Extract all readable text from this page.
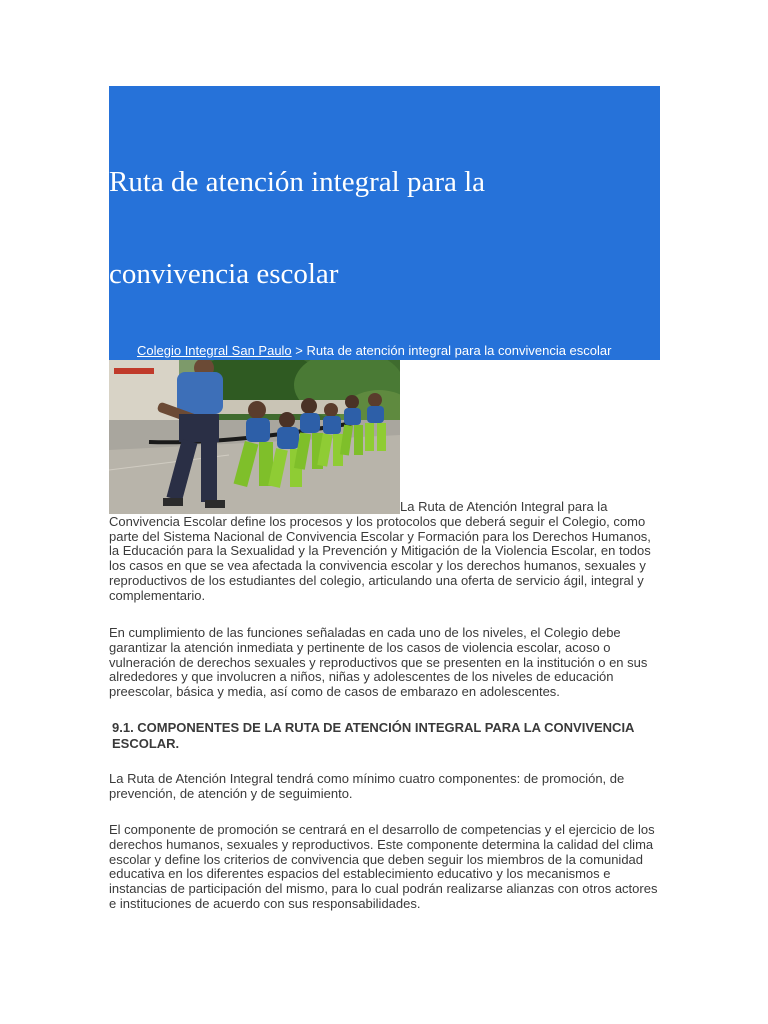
Ruta de atención integral para la
convivencia escolar
Colegio Integral San Paulo > Ruta de atención integral para la convivencia escolar

La Ruta de Atención Integral para la
Convivencia Escolar define los procesos y los protocolos que deberá seguir el Colegio, como parte del Sistema Nacional de Convivencia Escolar y Formación para los Derechos Humanos, la Educación para la Sexualidad y la Prevención y Mitigación de la Violencia Escolar, en todos los casos en que se vea afectada la convivencia escolar y los derechos humanos, sexuales y reproductivos de los estudiantes del colegio, articulando una oferta de servicio ágil, integral y complementario.

En cumplimiento de las funciones señaladas en cada uno de los niveles, el Colegio debe garantizar la atención inmediata y pertinente de los casos de violencia escolar, acoso o vulneración de derechos sexuales y reproductivos que se presenten en la institución o en sus alrededores y que involucren a niños, niñas y adolescentes de los niveles de educación preescolar, básica y media, así como de casos de embarazo en adolescentes.

9.1. COMPONENTES DE LA RUTA DE ATENCIÓN INTEGRAL PARA LA CONVIVENCIA ESCOLAR.

La Ruta de Atención Integral tendrá como mínimo cuatro componentes: de promoción, de prevención, de atención y de seguimiento.

El componente de promoción se centrará en el desarrollo de competencias y el ejercicio de los derechos humanos, sexuales y reproductivos. Este componente determina la calidad del clima escolar y define los criterios de convivencia que deben seguir los miembros de la comunidad educativa en los diferentes espacios del establecimiento educativo y los mecanismos e instancias de participación del mismo, para lo cual podrán realizarse alianzas con otros actores e instituciones de acuerdo con sus responsabilidades.
